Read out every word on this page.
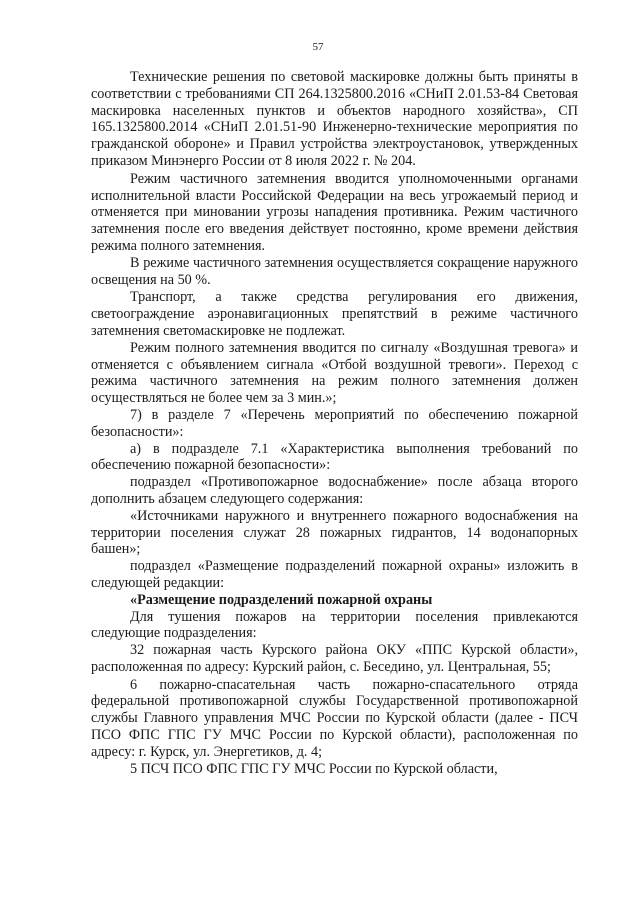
57

Технические решения по световой маскировке должны быть приняты в соответствии с требованиями СП 264.1325800.2016 «СНиП 2.01.53-84 Световая маскировка населенных пунктов и объектов народного хозяйства», СП 165.1325800.2014 «СНиП 2.01.51-90 Инженерно-технические мероприятия по гражданской обороне» и Правил устройства электроустановок, утвержденных приказом Минэнерго России от 8 июля 2022 г. № 204.

Режим частичного затемнения вводится уполномоченными органами исполнительной власти Российской Федерации на весь угрожаемый период и отменяется при миновании угрозы нападения противника. Режим частичного затемнения после его введения действует постоянно, кроме времени действия режима полного затемнения.

В режиме частичного затемнения осуществляется сокращение наружного освещения на 50 %.

Транспорт, а также средства регулирования его движения, светоограждение аэронавигационных препятствий в режиме частичного затемнения светомаскировке не подлежат.

Режим полного затемнения вводится по сигналу «Воздушная тревога» и отменяется с объявлением сигнала «Отбой воздушной тревоги». Переход с режима частичного затемнения на режим полного затемнения должен осуществляться не более чем за 3 мин.»;

7) в разделе 7 «Перечень мероприятий по обеспечению пожарной безопасности»:

а) в подразделе 7.1 «Характеристика выполнения требований по обеспечению пожарной безопасности»:

подраздел «Противопожарное водоснабжение» после абзаца второго дополнить абзацем следующего содержания:

«Источниками наружного и внутреннего пожарного водоснабжения на территории поселения служат 28 пожарных гидрантов, 14 водонапорных башен»;

подраздел «Размещение подразделений пожарной охраны» изложить в следующей редакции:

«Размещение подразделений пожарной охраны

Для тушения пожаров на территории поселения привлекаются следующие подразделения:

32 пожарная часть Курского района ОКУ «ППС Курской области», расположенная по адресу: Курский район, с. Беседино, ул. Центральная, 55;

6 пожарно-спасательная часть пожарно-спасательного отряда федеральной противопожарной службы Государственной противопожарной службы Главного управления МЧС России по Курской области (далее - ПСЧ ПСО ФПС ГПС ГУ МЧС России по Курской области), расположенная по адресу: г. Курск, ул. Энергетиков, д. 4;

5 ПСЧ ПСО ФПС ГПС ГУ МЧС России по Курской области,
